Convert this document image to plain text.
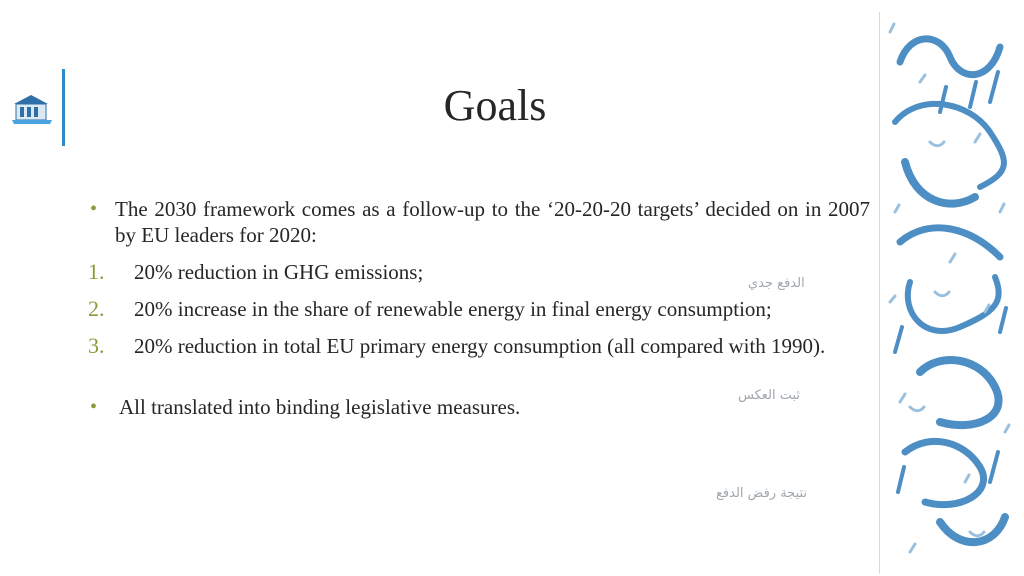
Goals
• The 2030 framework comes as a follow-up to the ‘20-20-20 targets’ decided on in 2007 by EU leaders for 2020:
1. 20% reduction in GHG emissions;
2. 20% increase in the share of renewable energy in final energy consumption;
3. 20% reduction in total EU primary energy consumption (all compared with 1990).
• All translated into binding legislative measures.
الدفع جدي
ثبت العكس
نتيجة رفض الدفع
